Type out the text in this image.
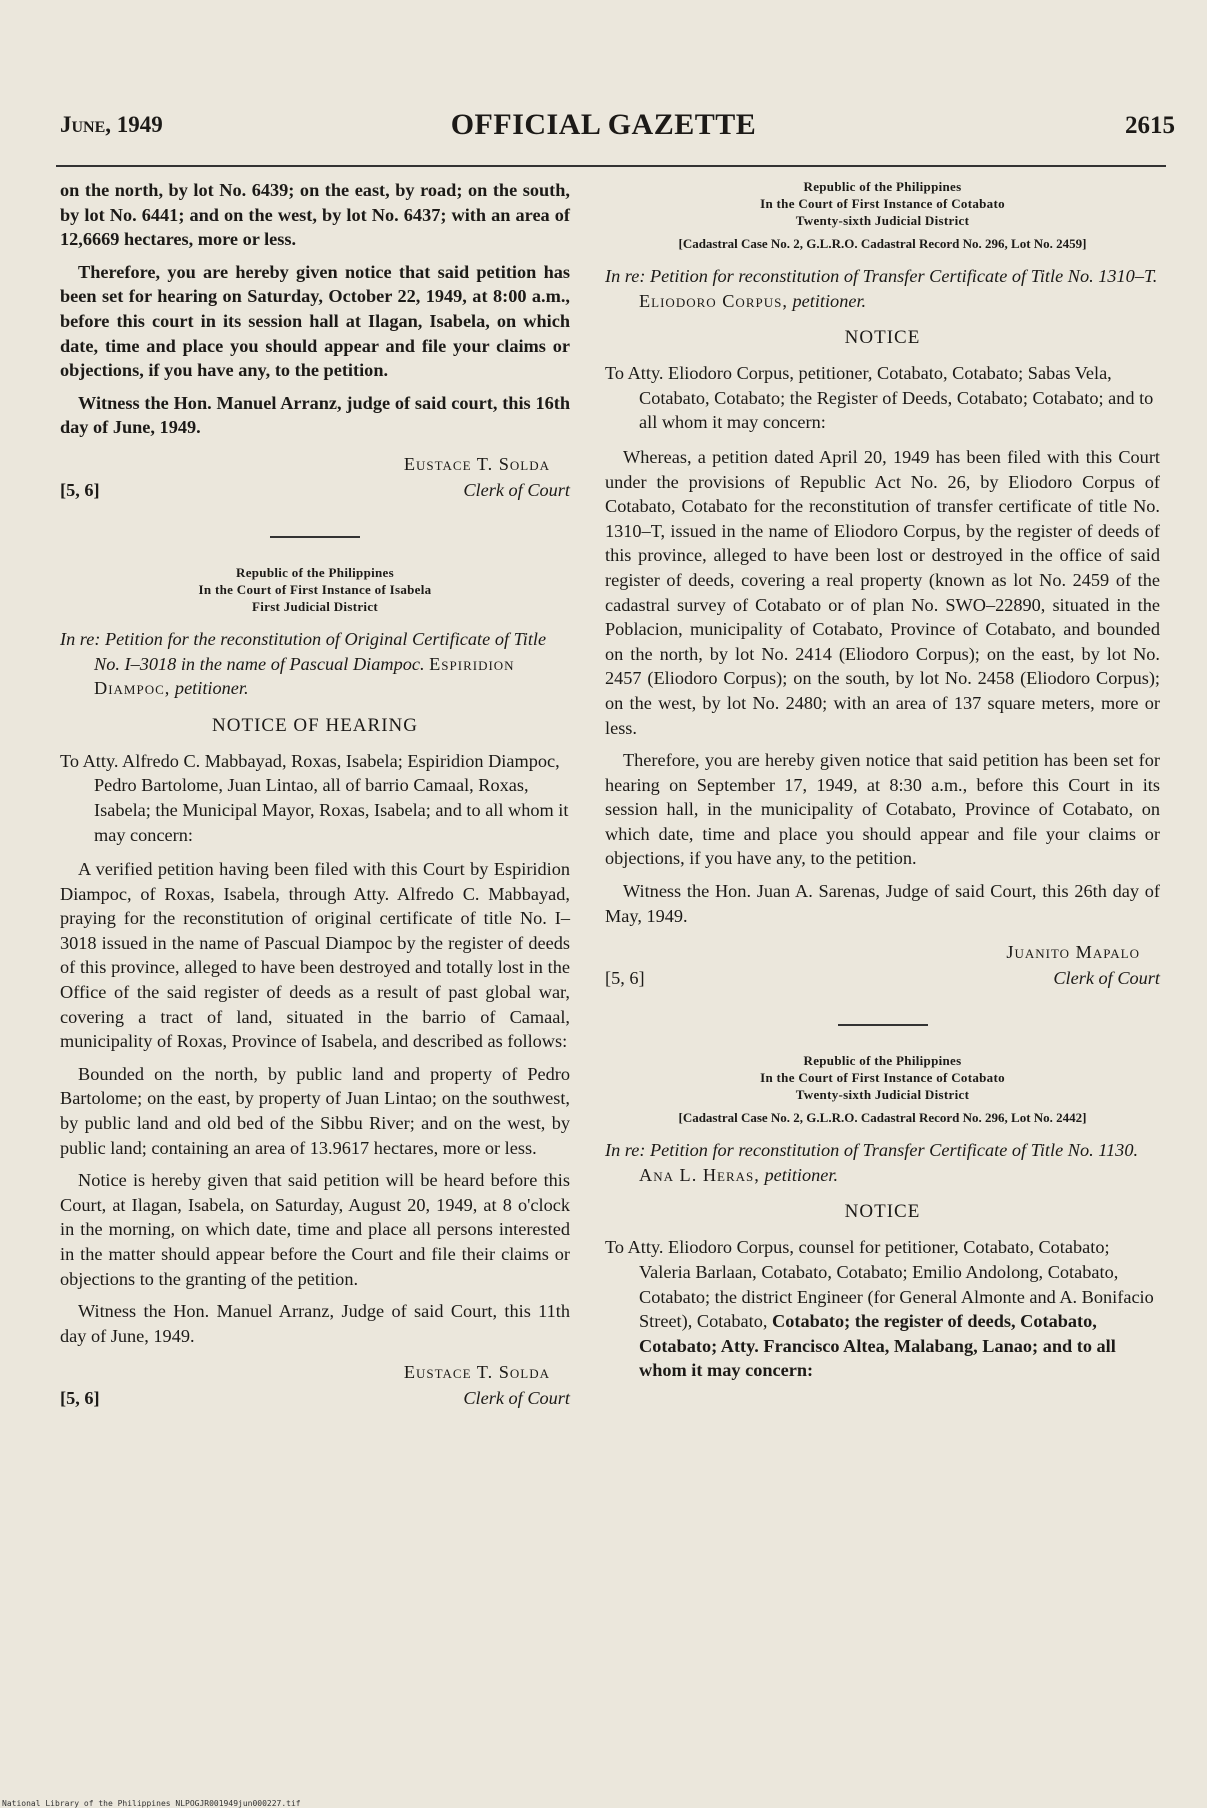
June, 1949	OFFICIAL GAZETTE	2615

on the north, by lot No. 6439; on the east, by road; on the south, by lot No. 6441; and on the west, by lot No. 6437; with an area of 12,6669 hectares, more or less.

Therefore, you are hereby given notice that said petition has been set for hearing on Saturday, October 22, 1949, at 8:00 a.m., before this court in its session hall at Ilagan, Isabela, on which date, time and place you should appear and file your claims or objections, if you have any, to the petition.

Witness the Hon. Manuel Arranz, judge of said court, this 16th day of June, 1949.

Eustace T. Solda
Clerk of Court
[5, 6]
Republic of the Philippines
In the Court of First Instance of Isabela
First Judicial District
In re: Petition for the reconstitution of Original Certificate of Title No. I–3018 in the name of Pascual Diampoc. Espiridion Diampoc, petitioner.
NOTICE OF HEARING

To Atty. Alfredo C. Mabbayad, Roxas, Isabela; Espiridion Diampoc, Pedro Bartolome, Juan Lintao, all of barrio Camaal, Roxas, Isabela; the Municipal Mayor, Roxas, Isabela; and to all whom it may concern:

A verified petition having been filed with this Court by Espiridion Diampoc, of Roxas, Isabela, through Atty. Alfredo C. Mabbayad, praying for the reconstitution of original certificate of title No. I–3018 issued in the name of Pascual Diampoc by the register of deeds of this province, alleged to have been destroyed and totally lost in the Office of the said register of deeds as a result of past global war, covering a tract of land, situated in the barrio of Camaal, municipality of Roxas, Province of Isabela, and described as follows:

Bounded on the north, by public land and property of Pedro Bartolome; on the east, by property of Juan Lintao; on the southwest, by public land and old bed of the Sibbu River; and on the west, by public land; containing an area of 13.9617 hectares, more or less.

Notice is hereby given that said petition will be heard before this Court, at Ilagan, Isabela, on Saturday, August 20, 1949, at 8 o'clock in the morning, on which date, time and place all persons interested in the matter should appear before the Court and file their claims or objections to the granting of the petition.

Witness the Hon. Manuel Arranz, Judge of said Court, this 11th day of June, 1949.

Eustace T. Solda
Clerk of Court
[5, 6]
Republic of the Philippines
In the Court of First Instance of Cotabato
Twenty-sixth Judicial District
[Cadastral Case No. 2, G.L.R.O. Cadastral Record No. 296, Lot No. 2459]
In re: Petition for reconstitution of Transfer Certificate of Title No. 1310–T. Eliodoro Corpus, petitioner.
NOTICE

To Atty. Eliodoro Corpus, petitioner, Cotabato, Cotabato; Sabas Vela, Cotabato, Cotabato; the Register of Deeds, Cotabato; Cotabato; and to all whom it may concern:

Whereas, a petition dated April 20, 1949 has been filed with this Court under the provisions of Republic Act No. 26, by Eliodoro Corpus of Cotabato, Cotabato for the reconstitution of transfer certificate of title No. 1310–T, issued in the name of Eliodoro Corpus, by the register of deeds of this province, alleged to have been lost or destroyed in the office of said register of deeds, covering a real property (known as lot No. 2459 of the cadastral survey of Cotabato or of plan No. SWO–22890, situated in the Poblacion, municipality of Cotabato, Province of Cotabato, and bounded on the north, by lot No. 2414 (Eliodoro Corpus); on the east, by lot No. 2457 (Eliodoro Corpus); on the south, by lot No. 2458 (Eliodoro Corpus); on the west, by lot No. 2480; with an area of 137 square meters, more or less.

Therefore, you are hereby given notice that said petition has been set for hearing on September 17, 1949, at 8:30 a.m., before this Court in its session hall, in the municipality of Cotabato, Province of Cotabato, on which date, time and place you should appear and file your claims or objections, if you have any, to the petition.

Witness the Hon. Juan A. Sarenas, Judge of said Court, this 26th day of May, 1949.

Juanito Mapalo
Clerk of Court
[5, 6]
Republic of the Philippines
In the Court of First Instance of Cotabato
Twenty-sixth Judicial District
[Cadastral Case No. 2, G.L.R.O. Cadastral Record No. 296, Lot No. 2442]
In re: Petition for reconstitution of Transfer Certificate of Title No. 1130. Ana L. Heras, petitioner.
NOTICE

To Atty. Eliodoro Corpus, counsel for petitioner, Cotabato, Cotabato; Valeria Barlaan, Cotabato, Cotabato; Emilio Andolong, Cotabato, Cotabato; the district Engineer (for General Almonte and A. Bonifacio Street), Cotabato, Cotabato; the register of deeds, Cotabato, Cotabato; Atty. Francisco Altea, Malabang, Lanao; and to all whom it may concern:

National Library of the Philippines NLPOGJR001949jun000227.tif
